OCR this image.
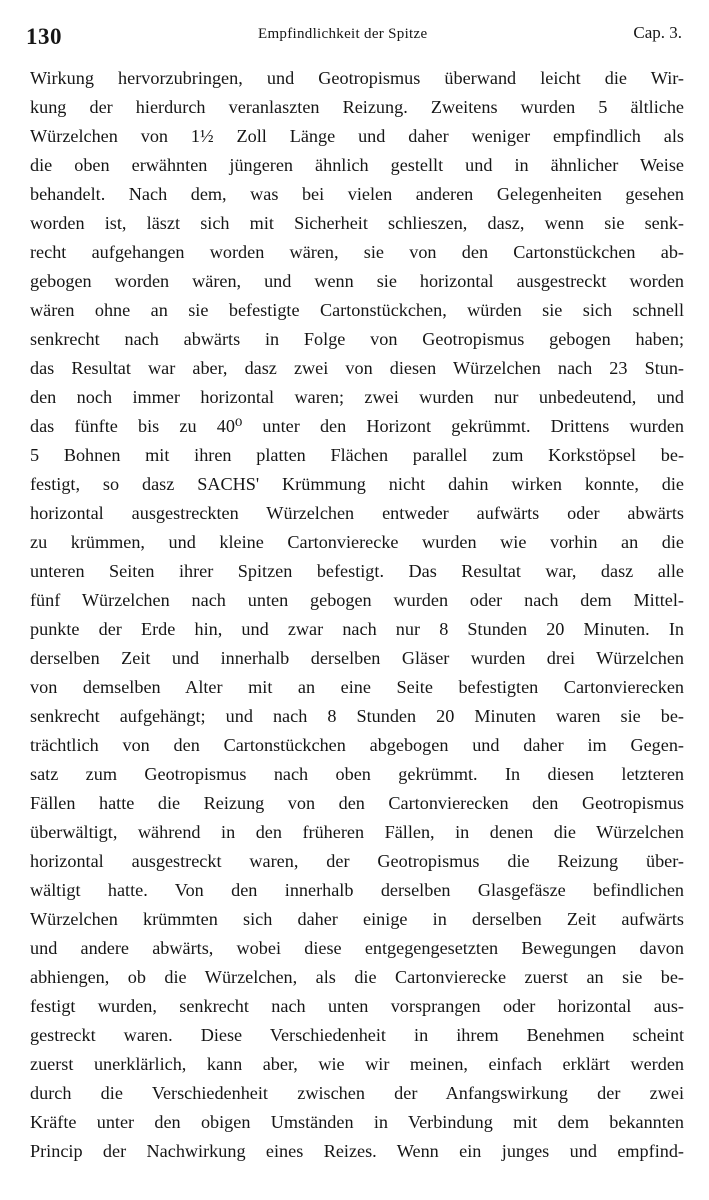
130	Empfindlichkeit der Spitze	Cap. 3.
Wirkung hervorzubringen, und Geotropismus überwand leicht die Wir-
kung der hierdurch veranlaszten Reizung. Zweitens wurden 5 ältliche
Würzelchen von 1½ Zoll Länge und daher weniger empfindlich als
die oben erwähnten jüngeren ähnlich gestellt und in ähnlicher Weise
behandelt. Nach dem, was bei vielen anderen Gelegenheiten gesehen
worden ist, läszt sich mit Sicherheit schlieszen, dasz, wenn sie senk-
recht aufgehangen worden wären, sie von den Cartonstückchen ab-
gebogen worden wären, und wenn sie horizontal ausgestreckt worden
wären ohne an sie befestigte Cartonstückchen, würden sie sich schnell
senkrecht nach abwärts in Folge von Geotropismus gebogen haben;
das Resultat war aber, dasz zwei von diesen Würzelchen nach 23 Stun-
den noch immer horizontal waren; zwei wurden nur unbedeutend, und
das fünfte bis zu 40⁰ unter den Horizont gekrümmt. Drittens wurden
5 Bohnen mit ihren platten Flächen parallel zum Korkstöpsel be-
festigt, so dasz SACHS' Krümmung nicht dahin wirken konnte, die
horizontal ausgestreckten Würzelchen entweder aufwärts oder abwärts
zu krümmen, und kleine Cartonvierecke wurden wie vorhin an die
unteren Seiten ihrer Spitzen befestigt. Das Resultat war, dasz alle
fünf Würzelchen nach unten gebogen wurden oder nach dem Mittel-
punkte der Erde hin, und zwar nach nur 8 Stunden 20 Minuten. In
derselben Zeit und innerhalb derselben Gläser wurden drei Würzelchen
von demselben Alter mit an eine Seite befestigten Cartonvierecken
senkrecht aufgehängt; und nach 8 Stunden 20 Minuten waren sie be-
trächtlich von den Cartonstückchen abgebogen und daher im Gegen-
satz zum Geotropismus nach oben gekrümmt. In diesen letzteren
Fällen hatte die Reizung von den Cartonvierecken den Geotropismus
überwältigt, während in den früheren Fällen, in denen die Würzelchen
horizontal ausgestreckt waren, der Geotropismus die Reizung über-
wältigt hatte. Von den innerhalb derselben Glasgefäsze befindlichen
Würzelchen krümmten sich daher einige in derselben Zeit aufwärts
und andere abwärts, wobei diese entgegengesetzten Bewegungen davon
abhiengen, ob die Würzelchen, als die Cartonvierecke zuerst an sie be-
festigt wurden, senkrecht nach unten vorsprangen oder horizontal aus-
gestreckt waren. Diese Verschiedenheit in ihrem Benehmen scheint
zuerst unerklärlich, kann aber, wie wir meinen, einfach erklärt werden
durch die Verschiedenheit zwischen der Anfangswirkung der zwei
Kräfte unter den obigen Umständen in Verbindung mit dem bekannten
Princip der Nachwirkung eines Reizes. Wenn ein junges und empfind-
